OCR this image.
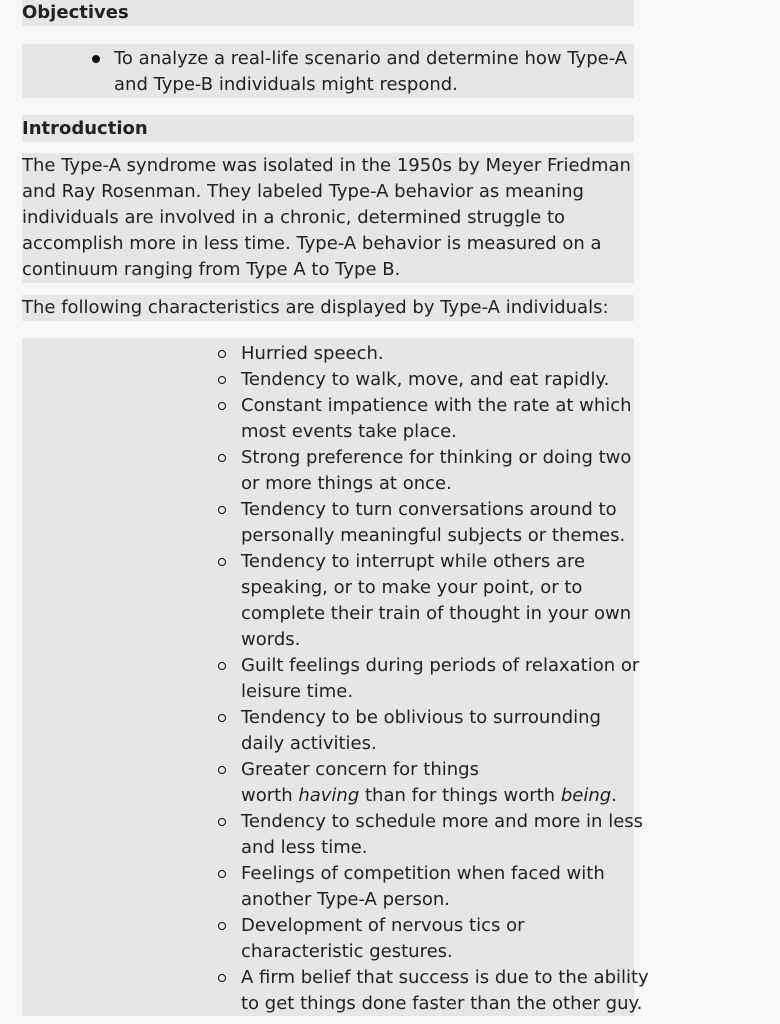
Objectives
To analyze a real-life scenario and determine how Type-A
and Type-B individuals might respond.
Introduction
The Type-A syndrome was isolated in the 1950s by Meyer Friedman
and Ray Rosenman. They labeled Type-A behavior as meaning
individuals are involved in a chronic, determined struggle to
accomplish more in less time. Type-A behavior is measured on a
continuum ranging from Type A to Type B.
The following characteristics are displayed by Type-A individuals:
Hurried speech.
Tendency to walk, move, and eat rapidly.
Constant impatience with the rate at which
most events take place.
Strong preference for thinking or doing two
or more things at once.
Tendency to turn conversations around to
personally meaningful subjects or themes.
Tendency to interrupt while others are
speaking, or to make your point, or to
complete their train of thought in your own
words.
Guilt feelings during periods of relaxation or
leisure time.
Tendency to be oblivious to surrounding
daily activities.
Greater concern for things
worth having than for things worth being.
Tendency to schedule more and more in less
and less time.
Feelings of competition when faced with
another Type-A person.
Development of nervous tics or
characteristic gestures.
A firm belief that success is due to the ability
to get things done faster than the other guy.
